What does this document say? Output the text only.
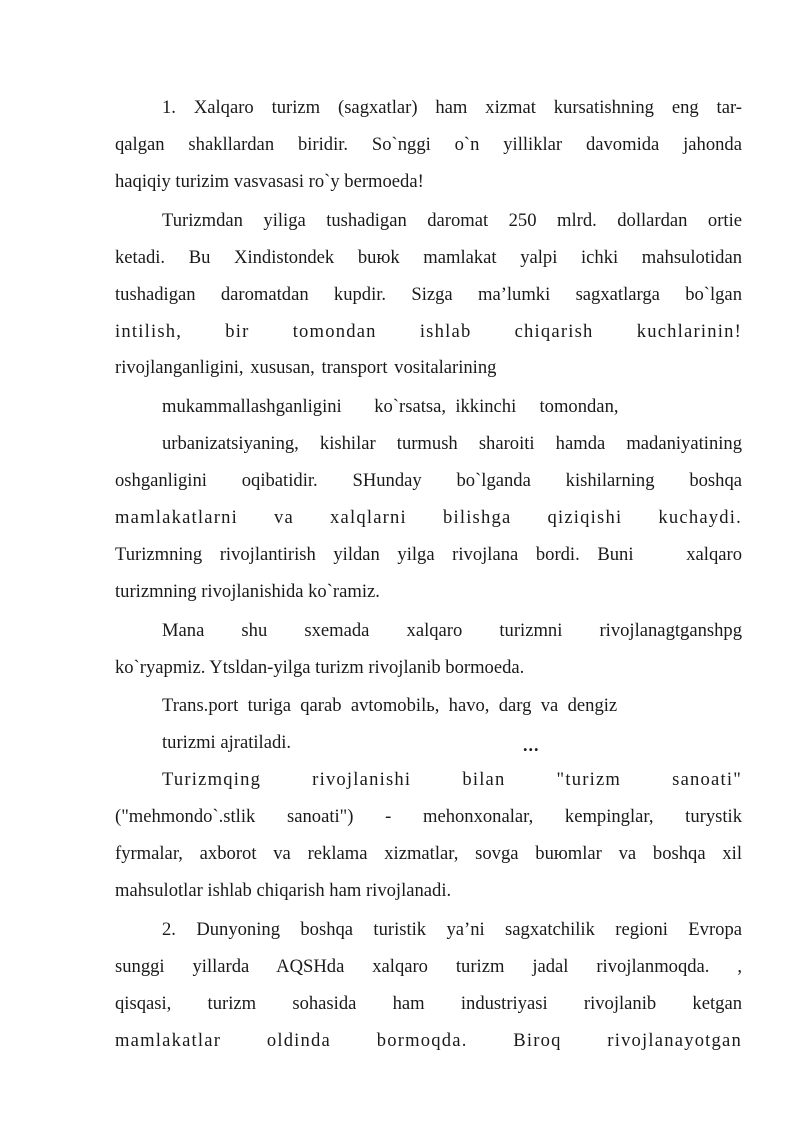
1. Xalqaro turizm (sagxatlar) ham xizmat kursatishning eng tar-
qalgan shakllardan biridir. So`nggi o`n yilliklar davomida jahonda
haqiqiy turizim vasvasasi ro`y bermoeda!
Turizmdan yiliga tushadigan daromat 250 mlrd. dollardan ortie
ketadi. Bu Xindistondek buюk mamlakat yalpi ichki mahsulotidan
tushadigan daromatdan kupdir. Sizga ma’lumki sagxatlarga bo`lgan
intilish, bir tomondan ishlab chiqarish kuchlarinin!
rivojlanganligini, xususan, transport vositalarining
mukammallashganligini       ko`rsatsa,  ikkinchi     tomondan,
urbanizatsiyaning, kishilar turmush sharoiti hamda madaniyatining
oshganligini oqibatidir. SHunday bo`lganda kishilarning boshqa
mamlakatlarni va xalqlarni bilishga qiziqishi kuchaydi.
Turizmning rivojlantirish yildan yilga rivojlana bordi. Buni   xalqaro
turizmning rivojlanishida ko`ramiz.
Mana shu sxemada xalqaro turizmni rivojlanagtganshpg
ko`ryapmiz. Ytsldan-yilga turizm rivojlanib bormoeda.
Trans.port  turiga  qarab  avtomobilь,  havo,  darg  va  dengiz
turizmi ajratiladi.	...
Turizmqing rivojlanishi bilan "turizm sanoati"
("mehmondo`.stlik sanoati") - mehonxonalar, kempinglar, turystik
fyrmalar, axborot va reklama xizmatlar, sovga buюmlar va boshqa xil
mahsulotlar ishlab chiqarish ham rivojlanadi.
2. Dunyoning boshqa turistik ya’ni sagxatchilik regioni Evropa
sunggi yillarda AQSHda xalqaro turizm jadal rivojlanmoqda. ,
qisqasi, turizm sohasida ham industriyasi rivojlanib ketgan
mamlakatlar oldinda bormoqda. Biroq rivojlanayotgan
